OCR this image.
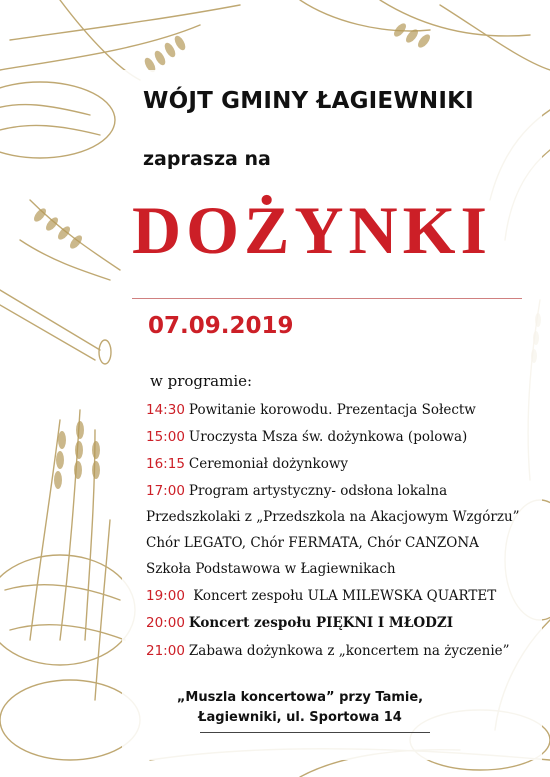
WÓJT GMINY ŁAGIEWNIKI
zaprasza na
DOŻYNKI
07.09.2019
w programie:
14:30 Powitanie korowodu. Prezentacja Sołectw
15:00 Uroczysta Msza św. dożynkowa (polowa)
16:15 Ceremoniał dożynkowy
17:00 Program artystyczny- odsłona lokalna
Przedszkolaki z „Przedszkola na Akacjowym Wzgórzu”
Chór LEGATO, Chór FERMATA, Chór CANZONA
Szkoła Podstawowa w Łagiewnikach
19:00 Koncert zespołu ULA MILEWSKA QUARTET
20:00 Koncert zespołu PIĘKNI I MŁODZI
21:00 Zabawa dożynkowa z „koncertem na życzenie”
„Muszla koncertowa” przy Tamie,
Łagiewniki, ul. Sportowa 14
